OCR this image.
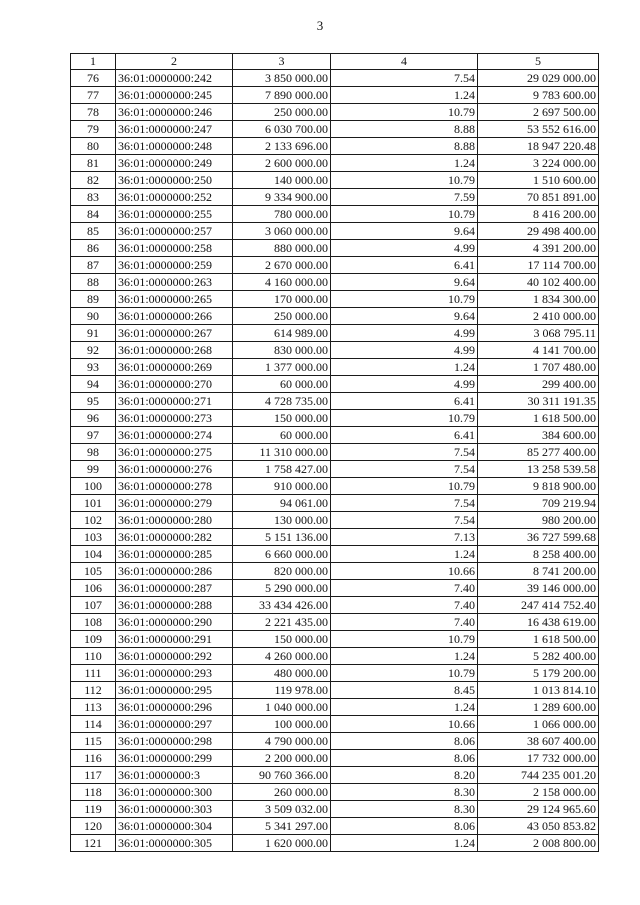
3
1	2	3	4	5
76	36:01:0000000:242	3 850 000.00	7.54	29 029 000.00
77	36:01:0000000:245	7 890 000.00	1.24	9 783 600.00
78	36:01:0000000:246	250 000.00	10.79	2 697 500.00
79	36:01:0000000:247	6 030 700.00	8.88	53 552 616.00
80	36:01:0000000:248	2 133 696.00	8.88	18 947 220.48
81	36:01:0000000:249	2 600 000.00	1.24	3 224 000.00
82	36:01:0000000:250	140 000.00	10.79	1 510 600.00
83	36:01:0000000:252	9 334 900.00	7.59	70 851 891.00
84	36:01:0000000:255	780 000.00	10.79	8 416 200.00
85	36:01:0000000:257	3 060 000.00	9.64	29 498 400.00
86	36:01:0000000:258	880 000.00	4.99	4 391 200.00
87	36:01:0000000:259	2 670 000.00	6.41	17 114 700.00
88	36:01:0000000:263	4 160 000.00	9.64	40 102 400.00
89	36:01:0000000:265	170 000.00	10.79	1 834 300.00
90	36:01:0000000:266	250 000.00	9.64	2 410 000.00
91	36:01:0000000:267	614 989.00	4.99	3 068 795.11
92	36:01:0000000:268	830 000.00	4.99	4 141 700.00
93	36:01:0000000:269	1 377 000.00	1.24	1 707 480.00
94	36:01:0000000:270	60 000.00	4.99	299 400.00
95	36:01:0000000:271	4 728 735.00	6.41	30 311 191.35
96	36:01:0000000:273	150 000.00	10.79	1 618 500.00
97	36:01:0000000:274	60 000.00	6.41	384 600.00
98	36:01:0000000:275	11 310 000.00	7.54	85 277 400.00
99	36:01:0000000:276	1 758 427.00	7.54	13 258 539.58
100	36:01:0000000:278	910 000.00	10.79	9 818 900.00
101	36:01:0000000:279	94 061.00	7.54	709 219.94
102	36:01:0000000:280	130 000.00	7.54	980 200.00
103	36:01:0000000:282	5 151 136.00	7.13	36 727 599.68
104	36:01:0000000:285	6 660 000.00	1.24	8 258 400.00
105	36:01:0000000:286	820 000.00	10.66	8 741 200.00
106	36:01:0000000:287	5 290 000.00	7.40	39 146 000.00
107	36:01:0000000:288	33 434 426.00	7.40	247 414 752.40
108	36:01:0000000:290	2 221 435.00	7.40	16 438 619.00
109	36:01:0000000:291	150 000.00	10.79	1 618 500.00
110	36:01:0000000:292	4 260 000.00	1.24	5 282 400.00
111	36:01:0000000:293	480 000.00	10.79	5 179 200.00
112	36:01:0000000:295	119 978.00	8.45	1 013 814.10
113	36:01:0000000:296	1 040 000.00	1.24	1 289 600.00
114	36:01:0000000:297	100 000.00	10.66	1 066 000.00
115	36:01:0000000:298	4 790 000.00	8.06	38 607 400.00
116	36:01:0000000:299	2 200 000.00	8.06	17 732 000.00
117	36:01:0000000:3	90 760 366.00	8.20	744 235 001.20
118	36:01:0000000:300	260 000.00	8.30	2 158 000.00
119	36:01:0000000:303	3 509 032.00	8.30	29 124 965.60
120	36:01:0000000:304	5 341 297.00	8.06	43 050 853.82
121	36:01:0000000:305	1 620 000.00	1.24	2 008 800.00
